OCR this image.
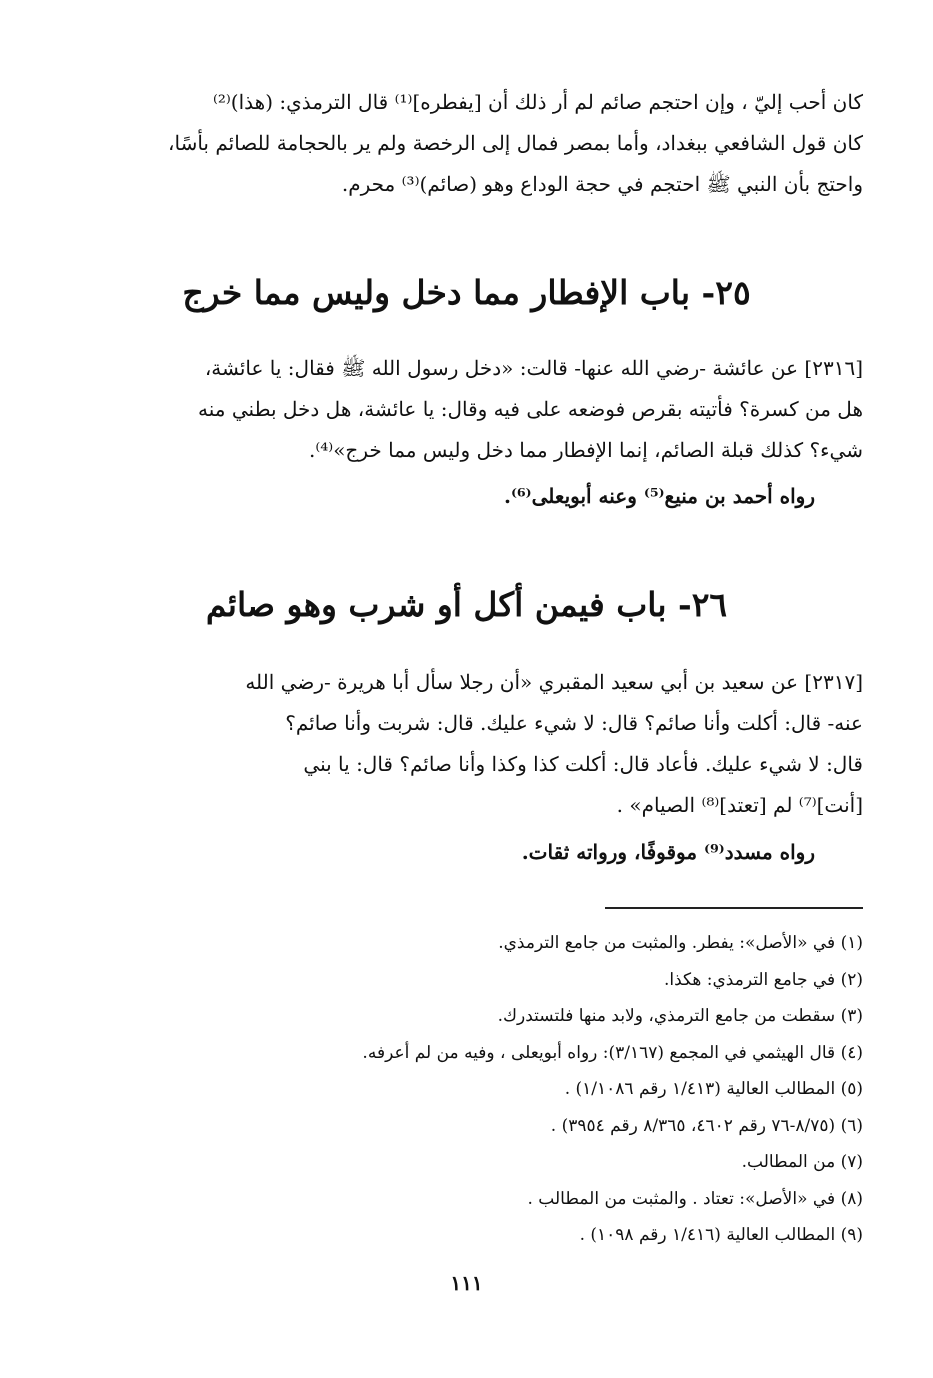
كان أحب إليّ ، وإن احتجم صائم لم أر ذلك أن [يفطره]⁽¹⁾ قال الترمذي: (هذا)⁽²⁾
كان قول الشافعي ببغداد، وأما بمصر فمال إلى الرخصة ولم ير بالحجامة للصائم بأسًا،
واحتج بأن النبي ﷺ احتجم في حجة الوداع وهو (صائم)⁽³⁾ محرم.
٢٥- باب الإفطار مما دخل وليس مما خرج
[٢٣١٦] عن عائشة -رضي الله عنها- قالت: «دخل رسول الله ﷺ فقال: يا عائشة،
هل من كسرة؟ فأتيته بقرص فوضعه على فيه وقال: يا عائشة، هل دخل بطني منه
شيء؟ كذلك قبلة الصائم، إنما الإفطار مما دخل وليس مما خرج»⁽⁴⁾.
رواه أحمد بن منيع⁽⁵⁾ وعنه أبويعلى⁽⁶⁾.
٢٦- باب فيمن أكل أو شرب وهو صائم
[٢٣١٧] عن سعيد بن أبي سعيد المقبري «أن رجلا سأل أبا هريرة -رضي الله
عنه- قال: أكلت وأنا صائم؟ قال: لا شيء عليك. قال: شربت وأنا صائم؟
قال: لا شيء عليك. فأعاد قال: أكلت كذا وكذا وأنا صائم؟ قال: يا بني
[أنت]⁽⁷⁾ لم [تعتد]⁽⁸⁾ الصيام» .
رواه مسدد⁽⁹⁾ موقوفًا، ورواته ثقات.
(١) في «الأصل»: يفطر. والمثبت من جامع الترمذي.
(٢) في جامع الترمذي: هكذا.
(٣) سقطت من جامع الترمذي، ولابد منها فلتستدرك.
(٤) قال الهيثمي في المجمع (٣/١٦٧): رواه أبويعلى ، وفيه من لم أعرفه.
(٥) المطالب العالية (١/٤١٣ رقم ١/١٠٨٦) .
(٦) (٨/٧٥-٧٦ رقم ٤٦٠٢، ٨/٣٦٥ رقم ٣٩٥٤) .
(٧) من المطالب.
(٨) في «الأصل»: تعتاد . والمثبت من المطالب .
(٩) المطالب العالية (١/٤١٦ رقم ١٠٩٨) .
١١١
